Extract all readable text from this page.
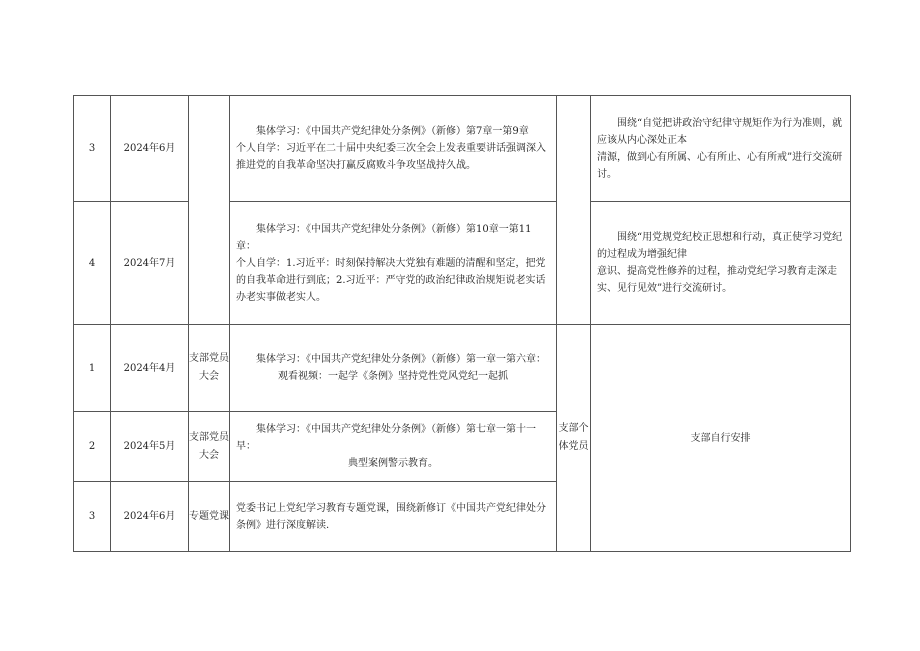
3	2024年6月		集体学习：《中国共产党纪律处分条例》（新修）第7章一第9章
个人自学：习近平在二十届中央纪委三次全会上发表重要讲话强调深入推进党的自我革命坚决打赢反腐败斗争攻坚战持久战。		围绕“自觉把讲政治守纪律守规矩作为行为准则，就应该从内心深处正本
清源，做到心有所属、心有所止、心有所戒”进行交流研讨。

4	2024年7月		集体学习：《中国共产党纪律处分条例》（新修）第10章一第11章：
个人自学：1.习近平：时刻保持解决大党独有难题的清醒和坚定，把党的自我革命进行到底；2.习近平：严守党的政治纪律政治规矩说老实话办老实事做老实人。		围绕“用党规党纪校正思想和行动，真正使学习党纪的过程成为增强纪律
意识、提高党性修养的过程，推动党纪学习教育走深走实、见行见效”进行交流研讨。

1	2024年4月	支部党员大会	集体学习：《中国共产党纪律处分条例》（新修）第一章一第六章：
观看视频：一起学《条例》坚持党性党风党纪一起抓	支部个体党员	支部自行安排
2	2024年5月	支部党员大会	集体学习：《中国共产党纪律处分条例》（新修）第七章一第十一早：
典型案例警示教育。		

3	2024年6月	专题党课	党委书记上党纪学习教育专题党课，围绕新修订《中国共产党纪律处分条例》进行深度解读.		
